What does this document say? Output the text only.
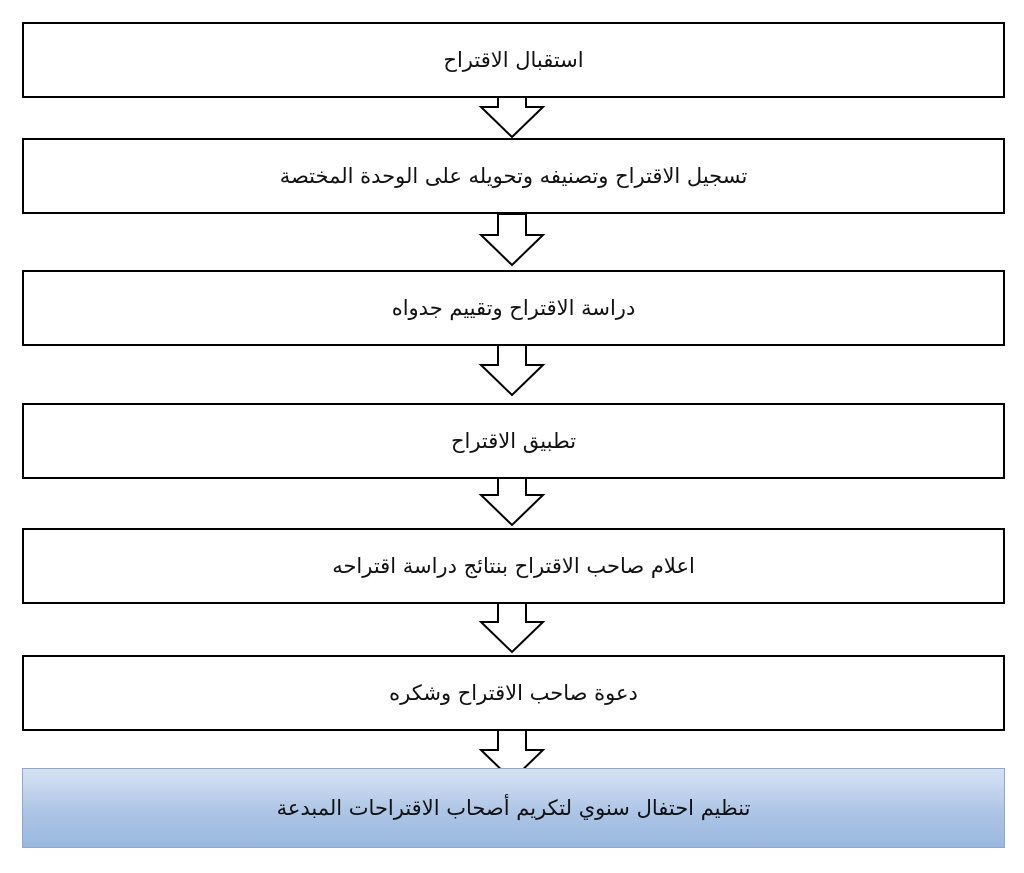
استقبال الاقتراح
تسجيل الاقتراح وتصنيفه وتحويله على الوحدة المختصة
دراسة الاقتراح وتقييم جدواه
تطبيق الاقتراح
اعلام صاحب الاقتراح بنتائج دراسة اقتراحه
دعوة صاحب الاقتراح وشكره
تنظيم احتفال سنوي لتكريم أصحاب الاقتراحات المبدعة
